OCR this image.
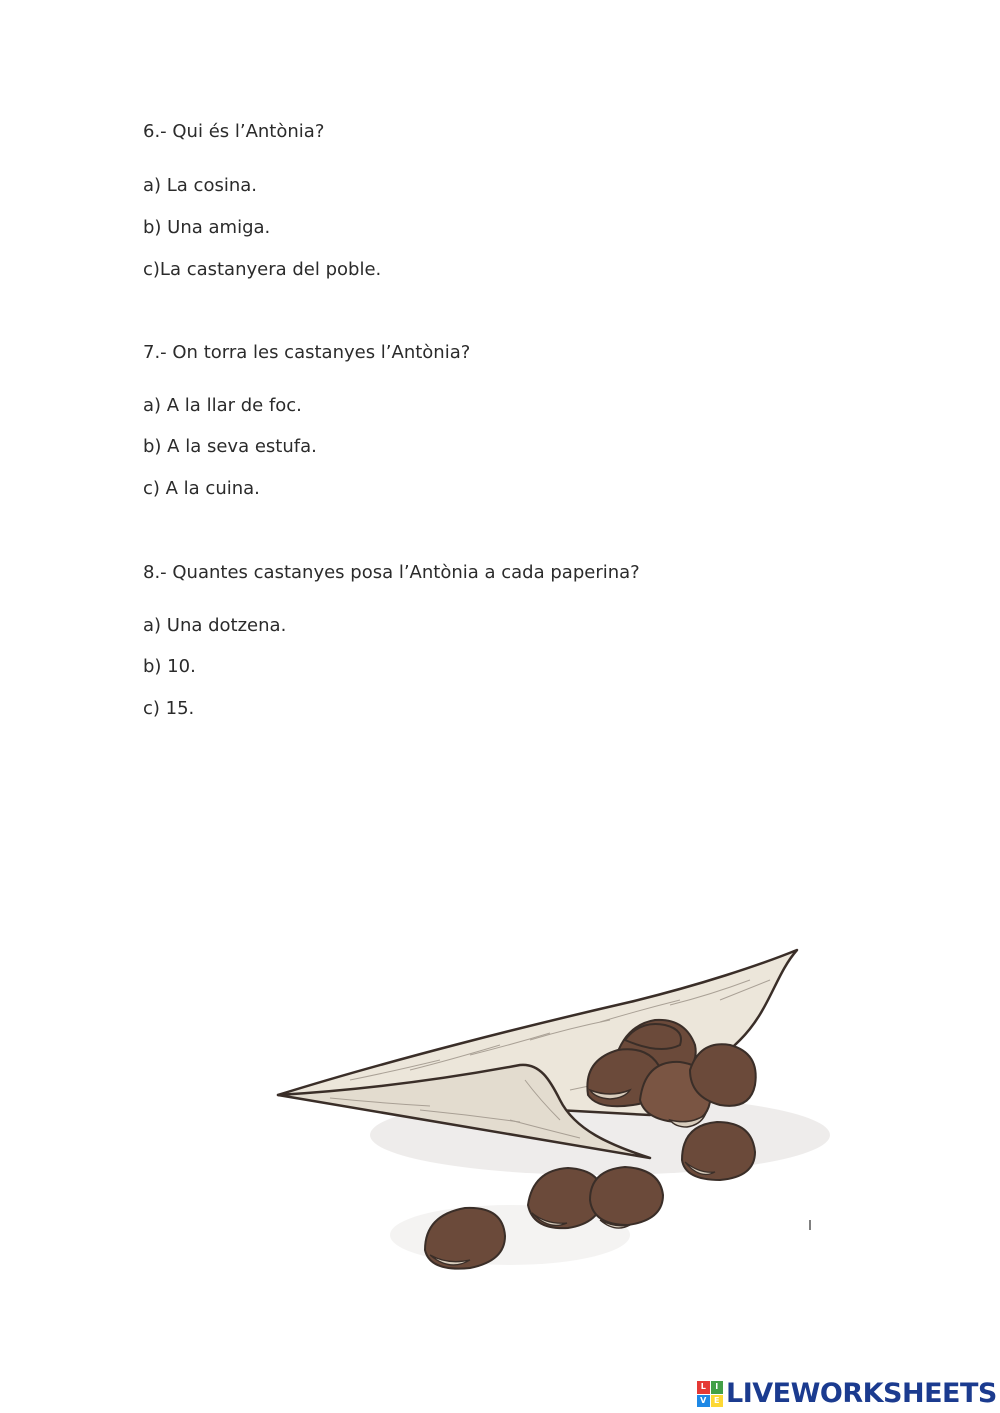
6.- Qui és l’Antònia?

a) La cosina.
b) Una amiga.
c)La castanyera del poble.

7.- On torra les castanyes l’Antònia?

a) A la llar de foc.
b) A la seva estufa.
c) A la cuina.

8.- Quantes castanyes posa l’Antònia a cada paperina?

a) Una dotzena.
b) 10.
c) 15.
L	I
V E LIVEWORKSHEETS
